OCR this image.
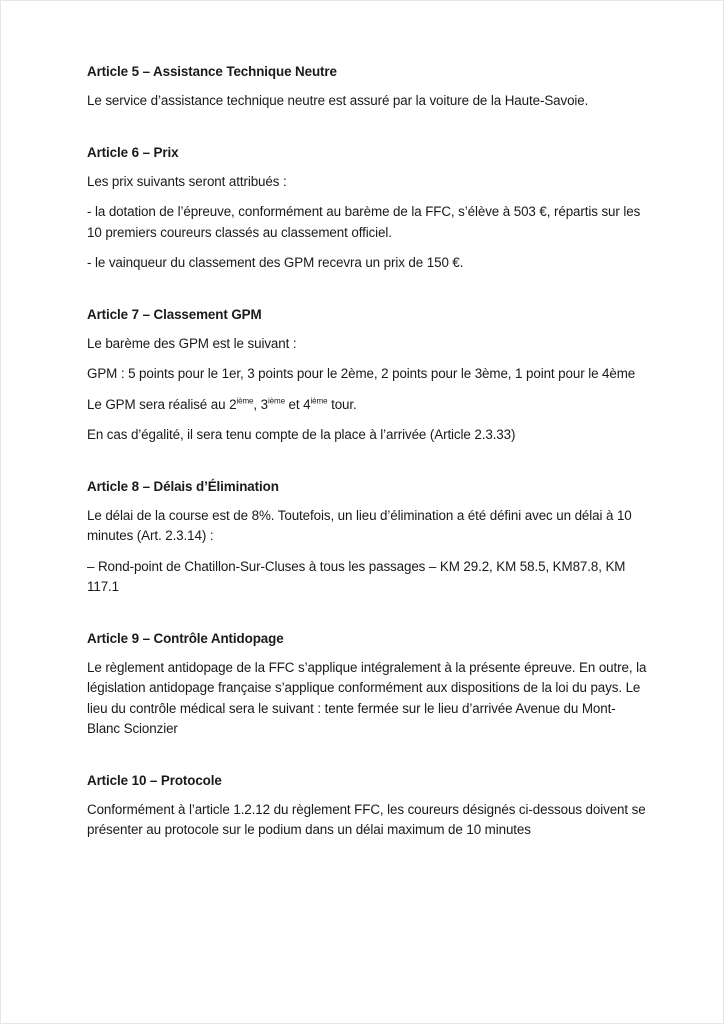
Article 5 – Assistance Technique Neutre

Le service d’assistance technique neutre est assuré par la voiture de la Haute-Savoie.

Article 6 – Prix

Les prix suivants seront attribués :

- la dotation de l’épreuve, conformément au barème de la FFC, s’élève à 503 €, répartis sur les 10 premiers coureurs classés au classement officiel.

- le vainqueur du classement des GPM recevra un prix de 150 €.

Article 7 – Classement GPM

Le barème des GPM est le suivant :

GPM : 5 points pour le 1er, 3 points pour le 2ème, 2 points pour le 3ème, 1 point pour le 4ème

Le GPM sera réalisé au 2ième, 3ième et 4ième tour.

En cas d’égalité, il sera tenu compte de la place à l’arrivée (Article 2.3.33)

Article 8 – Délais d’Élimination

Le délai de la course est de 8%. Toutefois, un lieu d’élimination a été défini avec un délai à 10 minutes (Art. 2.3.14) :

– Rond-point de Chatillon-Sur-Cluses à tous les passages – KM 29.2, KM 58.5, KM87.8, KM 117.1

Article 9 – Contrôle Antidopage

Le règlement antidopage de la FFC s’applique intégralement à la présente épreuve. En outre, la législation antidopage française s’applique conformément aux dispositions de la loi du pays. Le lieu du contrôle médical sera le suivant : tente fermée sur le lieu d’arrivée Avenue du Mont-Blanc Scionzier

Article 10 – Protocole

Conformément à l’article 1.2.12 du règlement FFC, les coureurs désignés ci-dessous doivent se présenter au protocole sur le podium dans un délai maximum de 10 minutes
